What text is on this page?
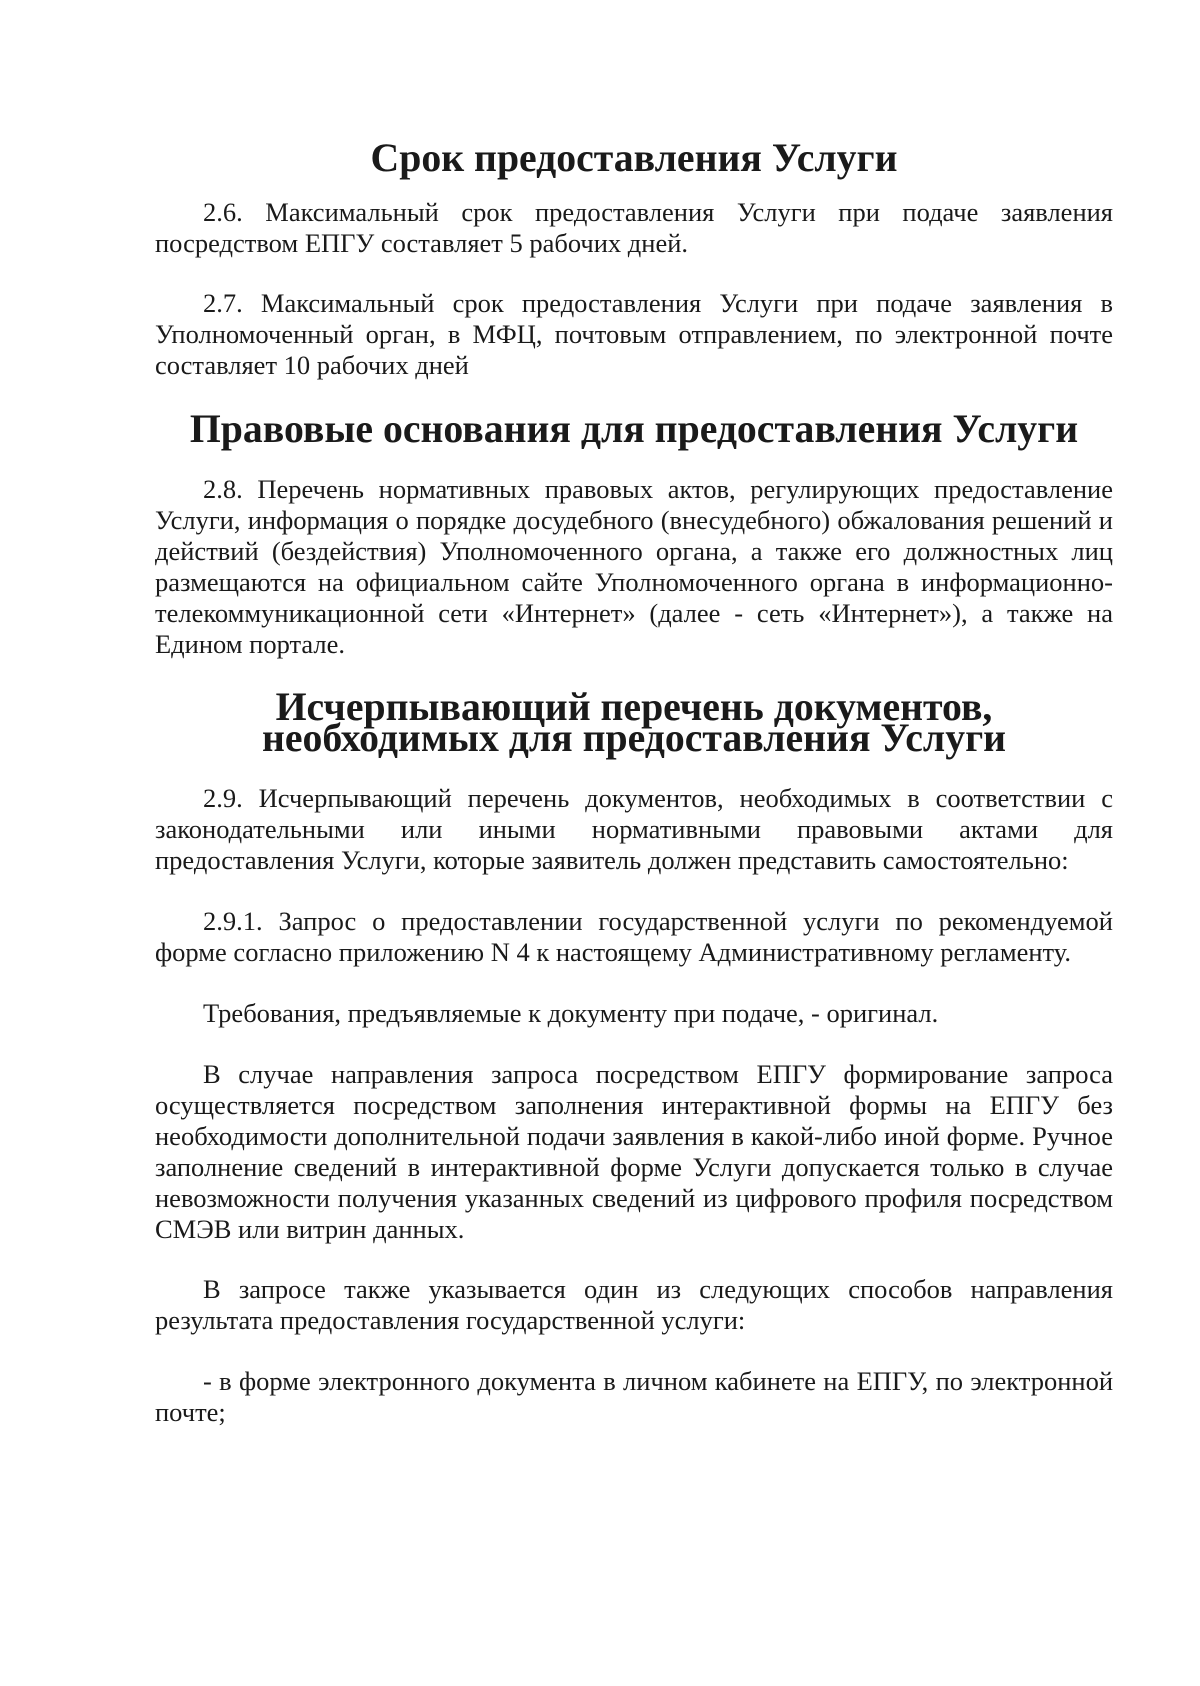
Срок предоставления Услуги

2.6. Максимальный срок предоставления Услуги при подаче заявления посредством ЕПГУ составляет 5 рабочих дней.

2.7. Максимальный срок предоставления Услуги при подаче заявления в Уполномоченный орган, в МФЦ, почтовым отправлением, по электронной почте составляет 10 рабочих дней

Правовые основания для предоставления Услуги

2.8. Перечень нормативных правовых актов, регулирующих предоставление Услуги, информация о порядке досудебного (внесудебного) обжалования решений и действий (бездействия) Уполномоченного органа, а также его должностных лиц размещаются на официальном сайте Уполномоченного органа в информационно-телекоммуникационной сети «Интернет» (далее - сеть «Интернет»), а также на Едином портале.

Исчерпывающий перечень документов,
необходимых для предоставления Услуги

2.9. Исчерпывающий перечень документов, необходимых в соответствии с законодательными или иными нормативными правовыми актами для предоставления Услуги, которые заявитель должен представить самостоятельно:

2.9.1. Запрос о предоставлении государственной услуги по рекомендуемой форме согласно приложению N 4 к настоящему Административному регламенту.

Требования, предъявляемые к документу при подаче, - оригинал.

В случае направления запроса посредством ЕПГУ формирование запроса осуществляется посредством заполнения интерактивной формы на ЕПГУ без необходимости дополнительной подачи заявления в какой-либо иной форме. Ручное заполнение сведений в интерактивной форме Услуги допускается только в случае невозможности получения указанных сведений из цифрового профиля посредством СМЭВ или витрин данных.

В запросе также указывается один из следующих способов направления результата предоставления государственной услуги:

- в форме электронного документа в личном кабинете на ЕПГУ, по электронной почте;
